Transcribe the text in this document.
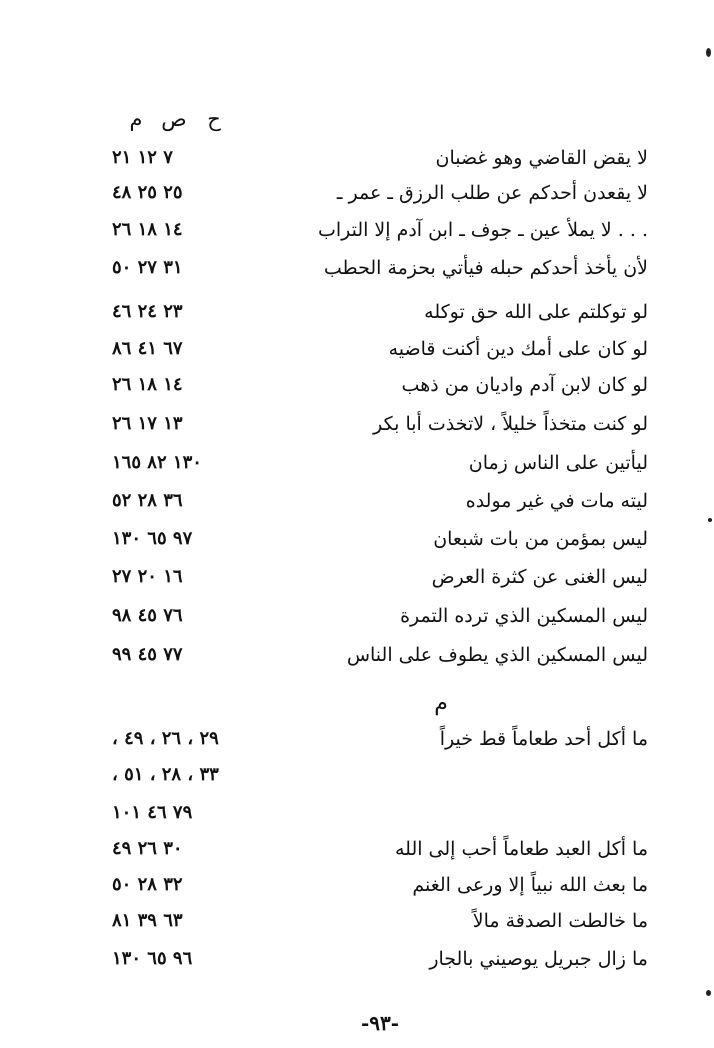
ح
ص
م
لا يقض القاضي وهو غضبان
٧ ١٢ ٢١
لا يقعدن أحدكم عن طلب الرزق ـ عمر ـ
٢٥ ٢٥ ٤٨
. . . لا يملأ عين ـ جوف ـ ابن آدم إلا التراب
١٤ ١٨ ٢٦
لأن يأخذ أحدكم حبله فيأتي بحزمة الحطب
٣١ ٢٧ ٥٠
لو توكلتم على الله حق توكله
٢٣ ٢٤ ٤٦
لو كان على أمك دين أكنت قاضيه
٦٧ ٤١ ٨٦
لو كان لابن آدم واديان من ذهب
١٤ ١٨ ٢٦
لو كنت متخذاً خليلاً ، لاتخذت أبا بكر
١٣ ١٧ ٢٦
ليأتين على الناس زمان
١٣٠ ٨٢ ١٦٥
ليته مات في غير مولده
٣٦ ٢٨ ٥٢
ليس بمؤمن من بات شبعان
٩٧ ٦٥ ١٣٠
ليس الغنى عن كثرة العرض
١٦ ٢٠ ٢٧
ليس المسكين الذي ترده التمرة
٧٦ ٤٥ ٩٨
ليس المسكين الذي يطوف على الناس
٧٧ ٤٥ ٩٩
م
ما أكل أحد طعاماً قط خيراً
٢٩ ، ٢٦ ، ٤٩ ،
٣٣ ، ٢٨ ، ٥١ ،
٧٩ ٤٦ ١٠١
ما أكل العبد طعاماً أحب إلى الله
٣٠ ٢٦ ٤٩
ما بعث الله نبياً إلا ورعى الغنم
٣٢ ٢٨ ٥٠
ما خالطت الصدقة مالاً
٦٣ ٣٩ ٨١
ما زال جبريل يوصيني بالجار
٩٦ ٦٥ ١٣٠
-٩٣-
